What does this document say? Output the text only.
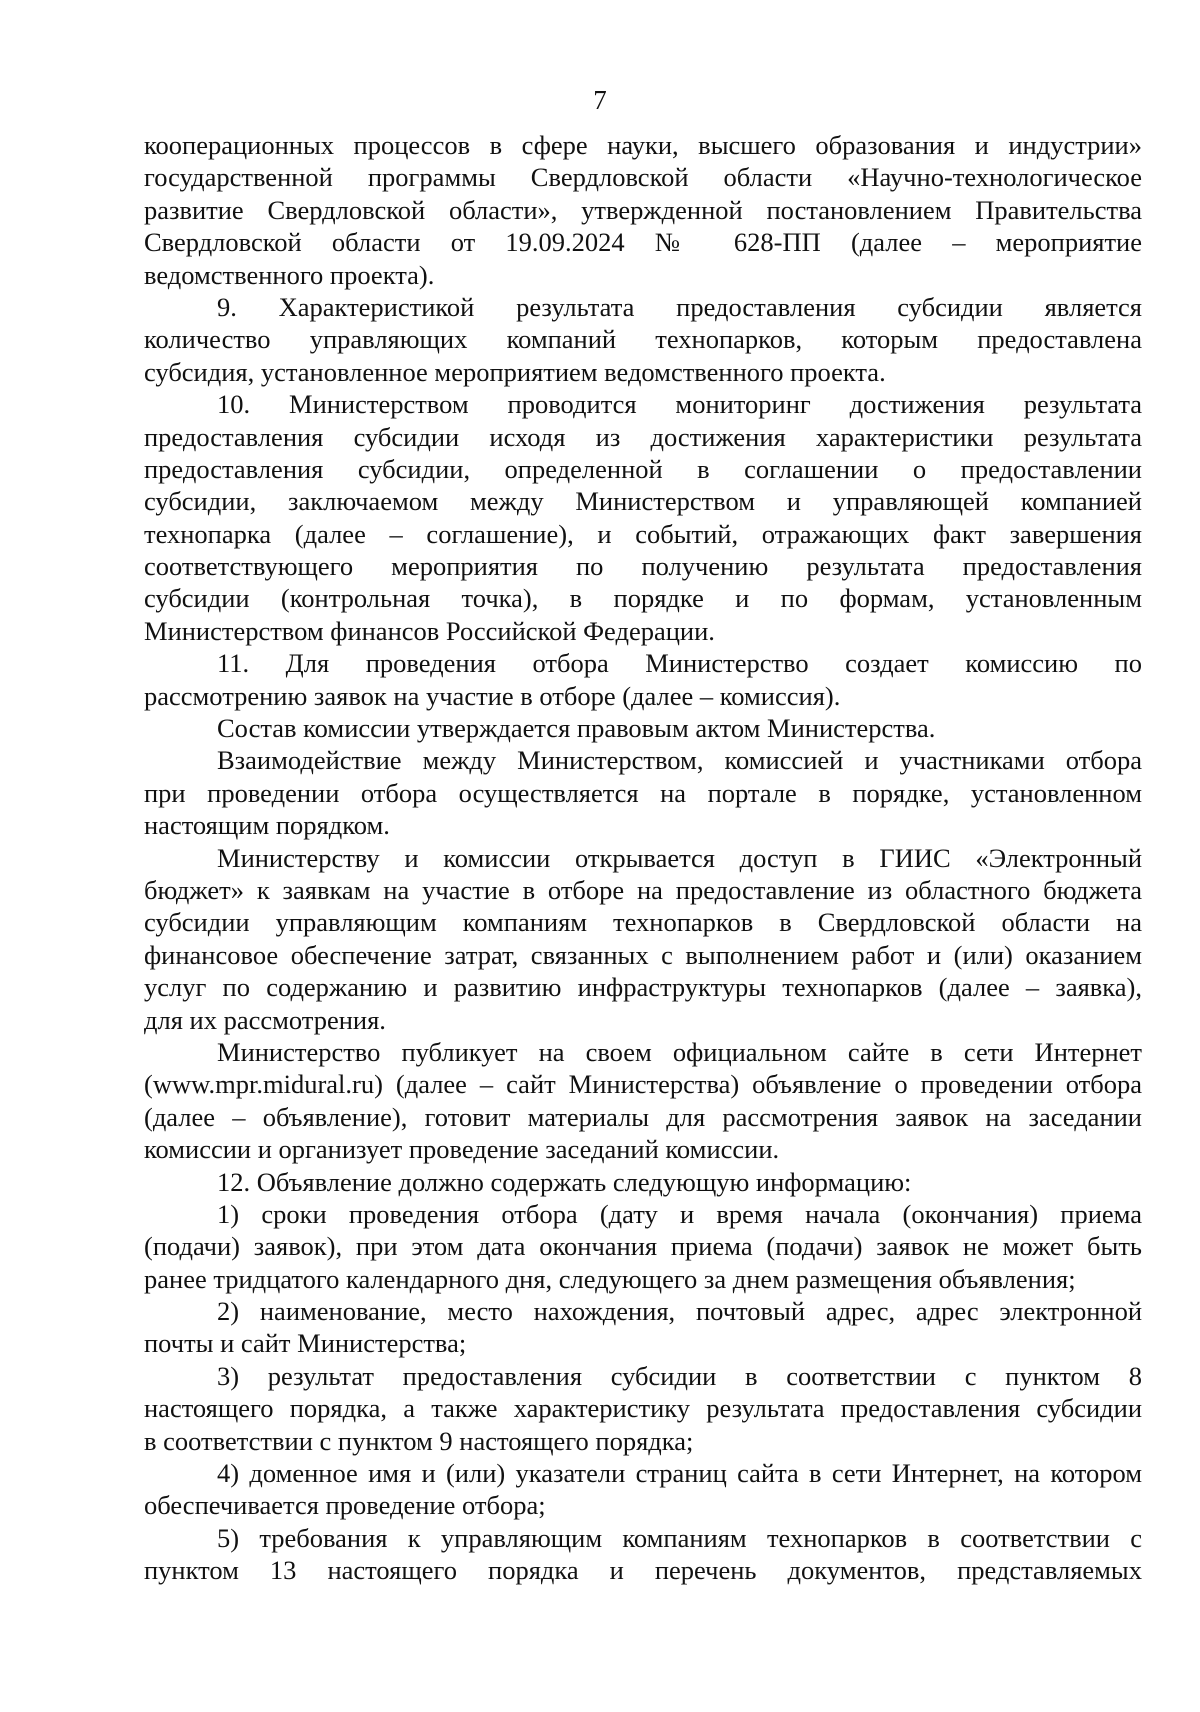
7
кооперационных процессов в сфере науки, высшего образования и индустрии»
государственной программы Свердловской области «Научно-технологическое
развитие Свердловской области», утвержденной постановлением Правительства
Свердловской области от 19.09.2024 № 628-ПП (далее – мероприятие
ведомственного проекта).
9. Характеристикой результата предоставления субсидии является
количество управляющих компаний технопарков, которым предоставлена
субсидия, установленное мероприятием ведомственного проекта.
10. Министерством проводится мониторинг достижения результата
предоставления субсидии исходя из достижения характеристики результата
предоставления субсидии, определенной в соглашении о предоставлении
субсидии, заключаемом между Министерством и управляющей компанией
технопарка (далее – соглашение), и событий, отражающих факт завершения
соответствующего мероприятия по получению результата предоставления
субсидии (контрольная точка), в порядке и по формам, установленным
Министерством финансов Российской Федерации.
11. Для проведения отбора Министерство создает комиссию по
рассмотрению заявок на участие в отборе (далее – комиссия).
Состав комиссии утверждается правовым актом Министерства.
Взаимодействие между Министерством, комиссией и участниками отбора
при проведении отбора осуществляется на портале в порядке, установленном
настоящим порядком.
Министерству и комиссии открывается доступ в ГИИС «Электронный
бюджет» к заявкам на участие в отборе на предоставление из областного бюджета
субсидии управляющим компаниям технопарков в Свердловской области на
финансовое обеспечение затрат, связанных с выполнением работ и (или) оказанием
услуг по содержанию и развитию инфраструктуры технопарков (далее – заявка),
для их рассмотрения.
Министерство публикует на своем официальном сайте в сети Интернет
(www.mpr.midural.ru) (далее – сайт Министерства) объявление о проведении отбора
(далее – объявление), готовит материалы для рассмотрения заявок на заседании
комиссии и организует проведение заседаний комиссии.
12. Объявление должно содержать следующую информацию:
1) сроки проведения отбора (дату и время начала (окончания) приема
(подачи) заявок), при этом дата окончания приема (подачи) заявок не может быть
ранее тридцатого календарного дня, следующего за днем размещения объявления;
2) наименование, место нахождения, почтовый адрес, адрес электронной
почты и сайт Министерства;
3) результат предоставления субсидии в соответствии с пунктом 8
настоящего порядка, а также характеристику результата предоставления субсидии
в соответствии с пунктом 9 настоящего порядка;
4) доменное имя и (или) указатели страниц сайта в сети Интернет, на котором
обеспечивается проведение отбора;
5) требования к управляющим компаниям технопарков в соответствии с
пунктом 13 настоящего порядка и перечень документов, представляемых
